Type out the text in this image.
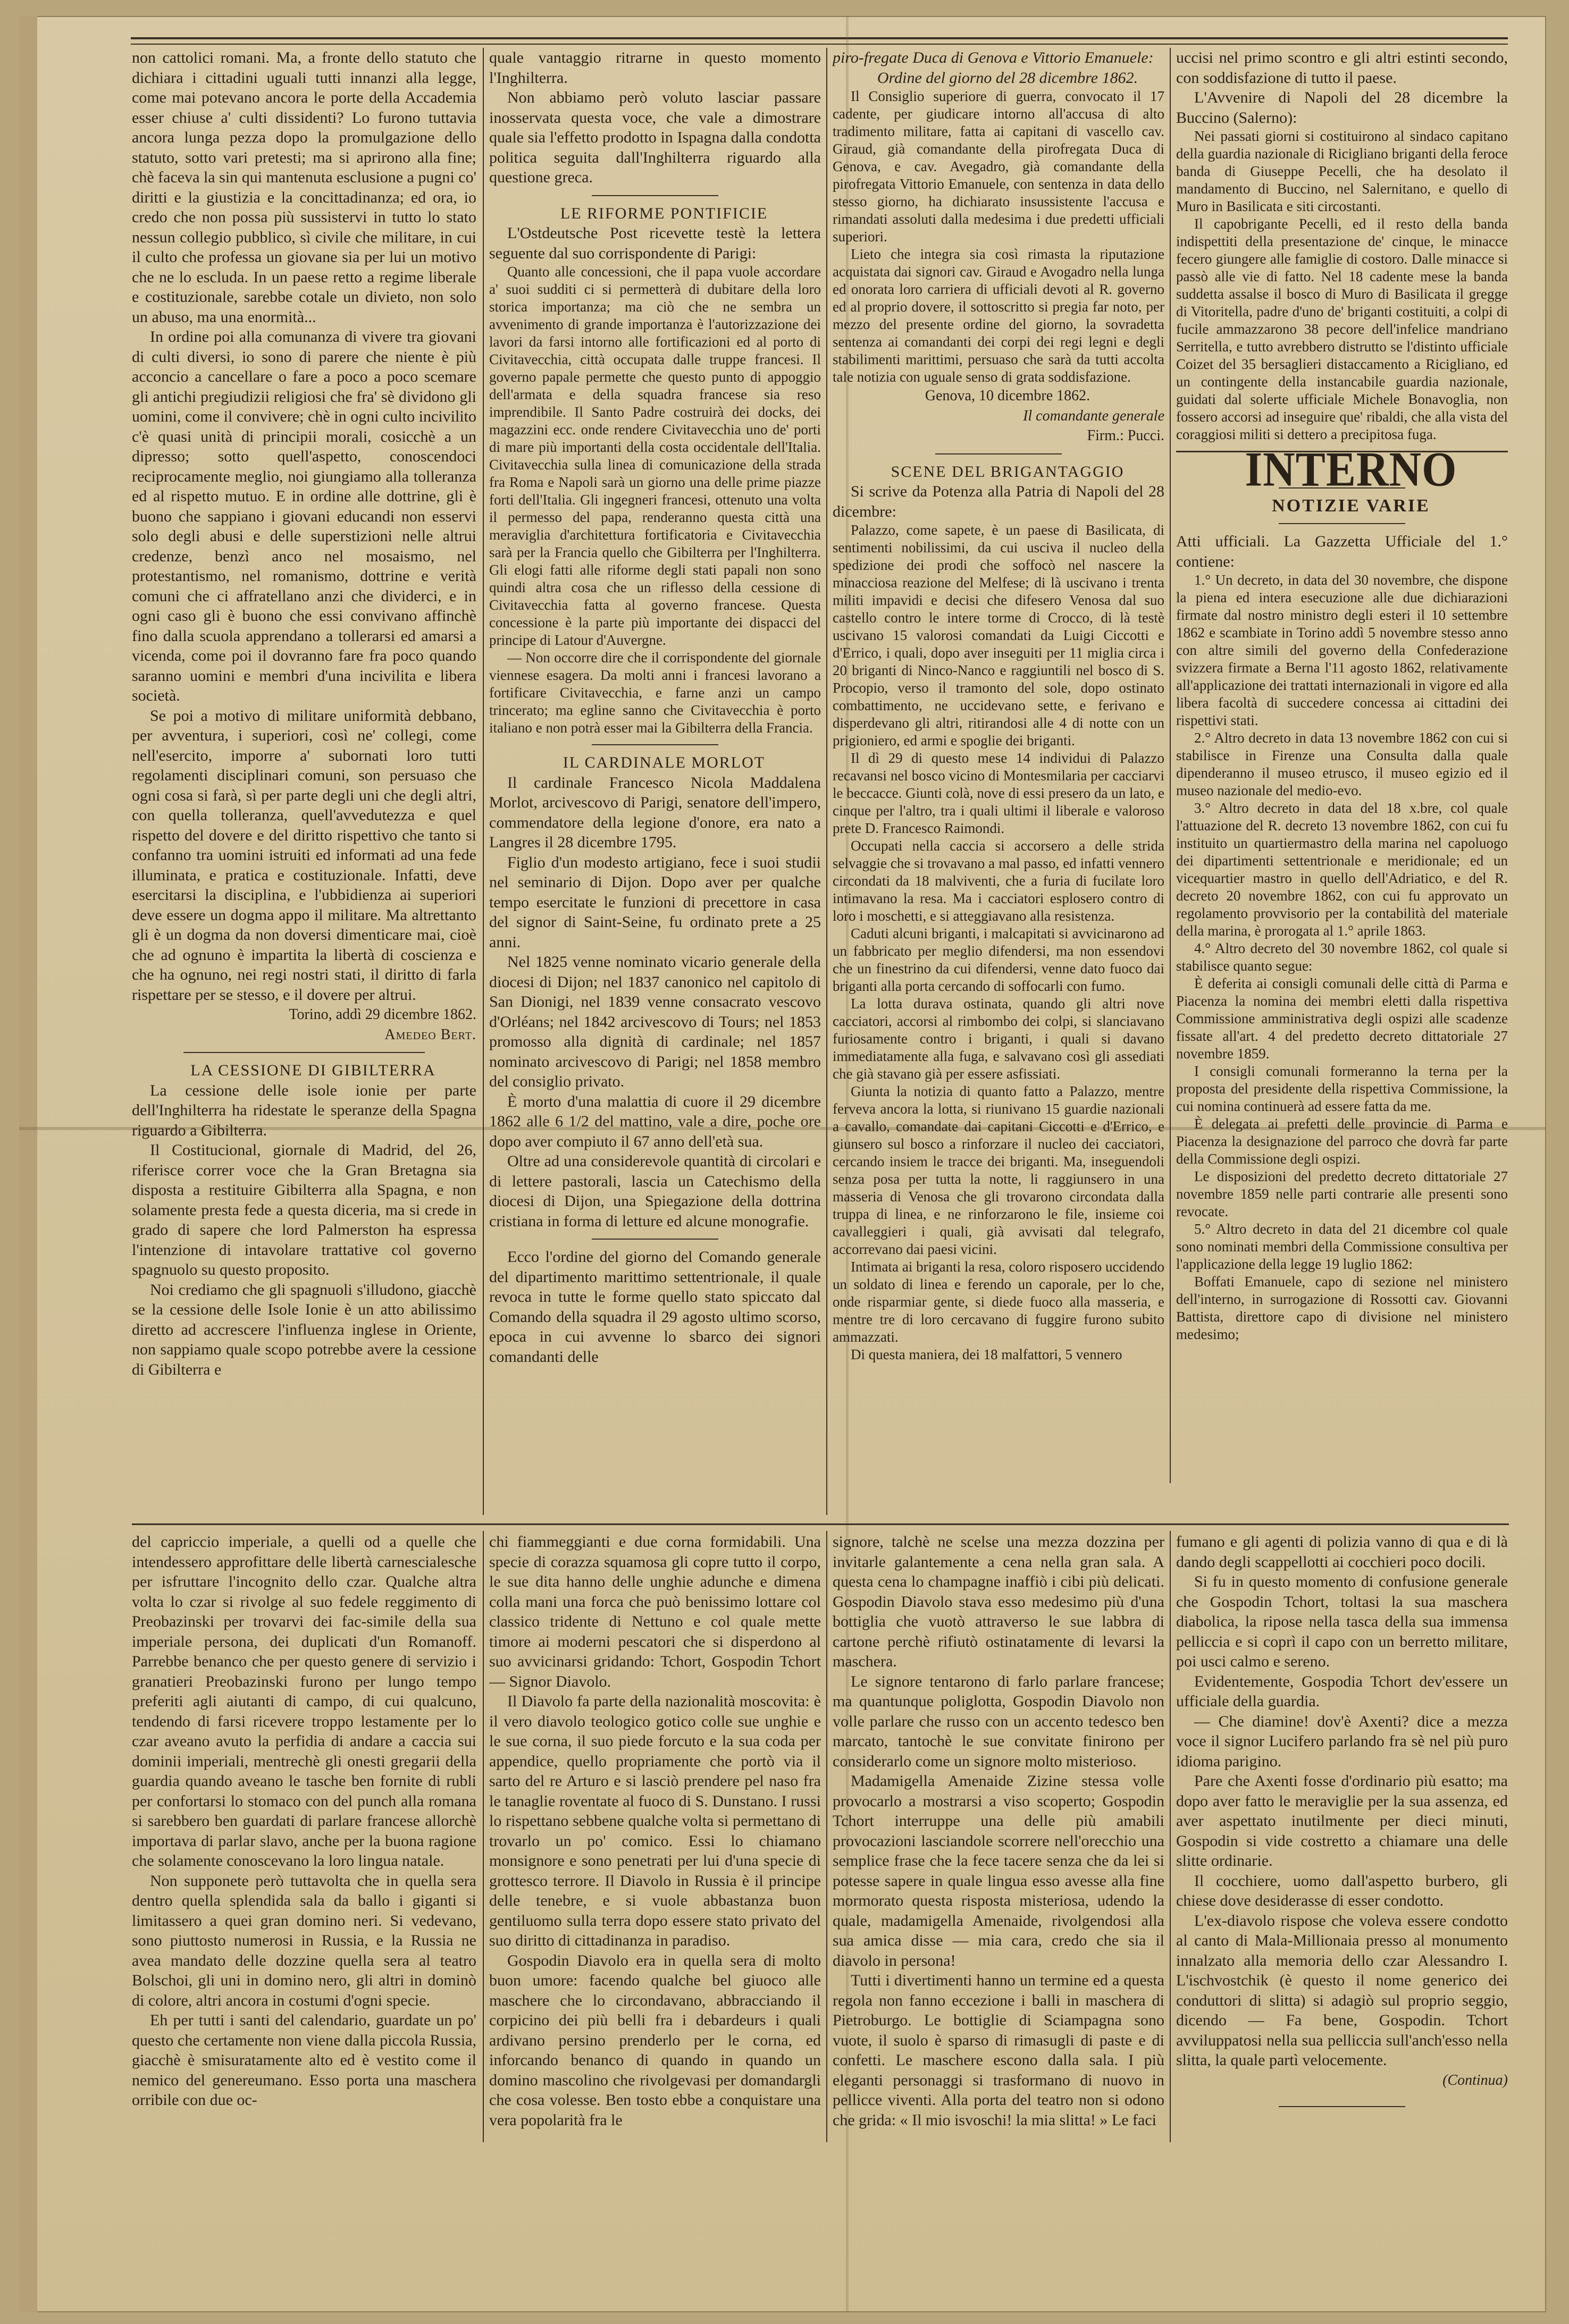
non cattolici romani. Ma, a fronte dello statuto che dichiara i cittadini uguali tutti innanzi alla legge, come mai potevano ancora le porte della Accademia esser chiuse a' culti dissidenti? Lo furono tuttavia ancora lunga pezza dopo la promulgazione dello statuto, sotto vari pretesti; ma si aprirono alla fine; chè faceva la sin qui mantenuta esclusione a pugni co' diritti e la giustizia e la concittadinanza; ed ora, io credo che non possa più sussistervi in tutto lo stato nessun collegio pubblico, sì civile che militare, in cui il culto che professa un giovane sia per lui un motivo che ne lo escluda. In un paese retto a regime liberale e costituzionale, sarebbe cotale un divieto, non solo un abuso, ma una enormità...

In ordine poi alla comunanza di vivere tra giovani di culti diversi, io sono di parere che niente è più acconcio a cancellare o fare a poco a poco scemare gli antichi pregiudizii religiosi che fra' sè dividono gli uomini, come il convivere; chè in ogni culto incivilito c'è quasi unità di principii morali, cosicchè a un dipresso; sotto quell'aspetto, conoscendoci reciprocamente meglio, noi giungiamo alla tolleranza ed al rispetto mutuo. E in ordine alle dottrine, gli è buono che sappiano i giovani educandi non esservi solo degli abusi e delle superstizioni nelle altrui credenze, benzì anco nel mosaismo, nel protestantismo, nel romanismo, dottrine e verità comuni che ci affratellano anzi che dividerci, e in ogni caso gli è buono che essi convivano affinchè fino dalla scuola apprendano a tollerarsi ed amarsi a vicenda, come poi il dovranno fare fra poco quando saranno uomini e membri d'una incivilita e libera società.

Se poi a motivo di militare uniformità debbano, per avventura, i superiori, così ne' collegi, come nell'esercito, imporre a' subornati loro tutti regolamenti disciplinari comuni, son persuaso che ogni cosa si farà, sì per parte degli uni che degli altri, con quella tolleranza, quell'avvedutezza e quel rispetto del dovere e del diritto rispettivo che tanto si confanno tra uomini istruiti ed informati ad una fede illuminata, e pratica e costituzionale. Infatti, deve esercitarsi la disciplina, e l'ubbidienza ai superiori deve essere un dogma appo il militare. Ma altrettanto gli è un dogma da non doversi dimenticare mai, cioè che ad ognuno è impartita la libertà di coscienza e che ha ognuno, nei regi nostri stati, il diritto di farla rispettare per se stesso, e il dovere per altrui.

Torino, addì 29 dicembre 1862.

Amedeo Bert.

LA CESSIONE DI GIBILTERRA

La cessione delle isole ionie per parte dell'Inghilterra ha ridestate le speranze della Spagna riguardo a Gibilterra.

Il Costitucional, giornale di Madrid, del 26, riferisce correr voce che la Gran Bretagna sia disposta a restituire Gibilterra alla Spagna, e non solamente presta fede a questa diceria, ma si crede in grado di sapere che lord Palmerston ha espressa l'intenzione di intavolare trattative col governo spagnuolo su questo proposito.

Noi crediamo che gli spagnuoli s'illudono, giacchè se la cessione delle Isole Ionie è un atto abilissimo diretto ad accrescere l'influenza inglese in Oriente, non sappiamo quale scopo potrebbe avere la cessione di Gibilterra e

quale vantaggio ritrarne in questo momento l'Inghilterra.

Non abbiamo però voluto lasciar passare inosservata questa voce, che vale a dimostrare quale sia l'effetto prodotto in Ispagna dalla condotta politica seguita dall'Inghilterra riguardo alla questione greca.

LE RIFORME PONTIFICIE

L'Ostdeutsche Post ricevette testè la lettera seguente dal suo corrispondente di Parigi:

Quanto alle concessioni, che il papa vuole accordare a' suoi sudditi ci si permetterà di dubitare della loro storica importanza; ma ciò che ne sembra un avvenimento di grande importanza è l'autorizzazione dei lavori da farsi intorno alle fortificazioni ed al porto di Civitavecchia, città occupata dalle truppe francesi. Il governo papale permette che questo punto di appoggio dell'armata e della squadra francese sia reso imprendibile. Il Santo Padre costruirà dei docks, dei magazzini ecc. onde rendere Civitavecchia uno de' porti di mare più importanti della costa occidentale dell'Italia. Civitavecchia sulla linea di comunicazione della strada fra Roma e Napoli sarà un giorno una delle prime piazze forti dell'Italia. Gli ingegneri francesi, ottenuto una volta il permesso del papa, renderanno questa città una meraviglia d'architettura fortificatoria e Civitavecchia sarà per la Francia quello che Gibilterra per l'Inghilterra. Gli elogi fatti alle riforme degli stati papali non sono quindi altra cosa che un riflesso della cessione di Civitavecchia fatta al governo francese. Questa concessione è la parte più importante dei dispacci del principe di Latour d'Auvergne.

— Non occorre dire che il corrispondente del giornale viennese esagera. Da molti anni i francesi lavorano a fortificare Civitavecchia, e farne anzi un campo trincerato; ma egline sanno che Civitavecchia è porto italiano e non potrà esser mai la Gibilterra della Francia.

IL CARDINALE MORLOT

Il cardinale Francesco Nicola Maddalena Morlot, arcivescovo di Parigi, senatore dell'impero, commendatore della legione d'onore, era nato a Langres il 28 dicembre 1795.

Figlio d'un modesto artigiano, fece i suoi studii nel seminario di Dijon. Dopo aver per qualche tempo esercitate le funzioni di precettore in casa del signor di Saint-Seine, fu ordinato prete a 25 anni.

Nel 1825 venne nominato vicario generale della diocesi di Dijon; nel 1837 canonico nel capitolo di San Dionigi, nel 1839 venne consacrato vescovo d'Orléans; nel 1842 arcivescovo di Tours; nel 1853 promosso alla dignità di cardinale; nel 1857 nominato arcivescovo di Parigi; nel 1858 membro del consiglio privato.

È morto d'una malattia di cuore il 29 dicembre 1862 alle 6 1/2 del mattino, vale a dire, poche ore dopo aver compiuto il 67 anno dell'età sua.

Oltre ad una considerevole quantità di circolari e di lettere pastorali, lascia un Catechismo della diocesi di Dijon, una Spiegazione della dottrina cristiana in forma di letture ed alcune monografie.

Ecco l'ordine del giorno del Comando generale del dipartimento marittimo settentrionale, il quale revoca in tutte le forme quello stato spiccato dal Comando della squadra il 29 agosto ultimo scorso, epoca in cui avvenne lo sbarco dei signori comandanti delle

piro-fregate Duca di Genova e Vittorio Emanuele:

Ordine del giorno del 28 dicembre 1862.

Il Consiglio superiore di guerra, convocato il 17 cadente, per giudicare intorno all'accusa di alto tradimento militare, fatta ai capitani di vascello cav. Giraud, già comandante della pirofregata Duca di Genova, e cav. Avegadro, già comandante della pirofregata Vittorio Emanuele, con sentenza in data dello stesso giorno, ha dichiarato insussistente l'accusa e rimandati assoluti dalla medesima i due predetti ufficiali superiori.

Lieto che integra sia così rimasta la riputazione acquistata dai signori cav. Giraud e Avogadro nella lunga ed onorata loro carriera di ufficiali devoti al R. governo ed al proprio dovere, il sottoscritto si pregia far noto, per mezzo del presente ordine del giorno, la sovradetta sentenza ai comandanti dei corpi dei regi legni e degli stabilimenti marittimi, persuaso che sarà da tutti accolta tale notizia con uguale senso di grata soddisfazione.

Genova, 10 dicembre 1862.

Il comandante generale

Firm.: Pucci.

SCENE DEL BRIGANTAGGIO

Si scrive da Potenza alla Patria di Napoli del 28 dicembre:

Palazzo, come sapete, è un paese di Basilicata, di sentimenti nobilissimi, da cui usciva il nucleo della spedizione dei prodi che soffocò nel nascere la minacciosa reazione del Melfese; di là uscivano i trenta militi impavidi e decisi che difesero Venosa dal suo castello contro le intere torme di Crocco, di là testè uscivano 15 valorosi comandati da Luigi Ciccotti e d'Errico, i quali, dopo aver inseguiti per 11 miglia circa i 20 briganti di Ninco-Nanco e raggiuntili nel bosco di S. Procopio, verso il tramonto del sole, dopo ostinato combattimento, ne uccidevano sette, e ferivano e disperdevano gli altri, ritirandosi alle 4 di notte con un prigioniero, ed armi e spoglie dei briganti.

Il dì 29 di questo mese 14 individui di Palazzo recavansi nel bosco vicino di Montesmilaria per cacciarvi le beccacce. Giunti colà, nove di essi presero da un lato, e cinque per l'altro, tra i quali ultimi il liberale e valoroso prete D. Francesco Raimondi.

Occupati nella caccia si accorsero a delle strida selvaggie che si trovavano a mal passo, ed infatti vennero circondati da 18 malviventi, che a furia di fucilate loro intimavano la resa. Ma i cacciatori esplosero contro di loro i moschetti, e si atteggiavano alla resistenza.

Caduti alcuni briganti, i malcapitati si avvicinarono ad un fabbricato per meglio difendersi, ma non essendovi che un finestrino da cui difendersi, venne dato fuoco dai briganti alla porta cercando di soffocarli con fumo.

La lotta durava ostinata, quando gli altri nove cacciatori, accorsi al rimbombo dei colpi, si slanciavano furiosamente contro i briganti, i quali si davano immediatamente alla fuga, e salvavano così gli assediati che già stavano già per essere asfissiati.

Giunta la notizia di quanto fatto a Palazzo, mentre ferveva ancora la lotta, si riunivano 15 guardie nazionali a cavallo, comandate dai capitani Ciccotti e d'Errico, e giunsero sul bosco a rinforzare il nucleo dei cacciatori, cercando insiem le tracce dei briganti. Ma, inseguendoli senza posa per tutta la notte, li raggiunsero in una masseria di Venosa che gli trovarono circondata dalla truppa di linea, e ne rinforzarono le file, insieme coi cavalleggieri i quali, già avvisati dal telegrafo, accorrevano dai paesi vicini.

Intimata ai briganti la resa, coloro risposero uccidendo un soldato di linea e ferendo un caporale, per lo che, onde risparmiar gente, si diede fuoco alla masseria, e mentre tre di loro cercavano di fuggire furono subito ammazzati.

Di questa maniera, dei 18 malfattori, 5 vennero

uccisi nel primo scontro e gli altri estinti secondo, con soddisfazione di tutto il paese.

L'Avvenire di Napoli del 28 dicembre la Buccino (Salerno):

Nei passati giorni si costituirono al sindaco capitano della guardia nazionale di Ricigliano briganti della feroce banda di Giuseppe Pecelli, che ha desolato il mandamento di Buccino, nel Salernitano, e quello di Muro in Basilicata e siti circostanti.

Il capobrigante Pecelli, ed il resto della banda indispettiti della presentazione de' cinque, le minacce fecero giungere alle famiglie di costoro. Dalle minacce si passò alle vie di fatto. Nel 18 cadente mese la banda suddetta assalse il bosco di Muro di Basilicata il gregge di Vitoritella, padre d'uno de' briganti costituiti, a colpi di fucile ammazzarono 38 pecore dell'infelice mandriano Serritella, e tutto avrebbero distrutto se l'distinto ufficiale Coizet del 35 bersaglieri distaccamento a Ricigliano, ed un contingente della instancabile guardia nazionale, guidati dal solerte ufficiale Michele Bonavoglia, non fossero accorsi ad inseguire que' ribaldi, che alla vista del coraggiosi militi si dettero a precipitosa fuga.

INTERNO

NOTIZIE VARIE

Atti ufficiali. La Gazzetta Ufficiale del 1.° contiene:

1.° Un decreto, in data del 30 novembre, che dispone la piena ed intera esecuzione alle due dichiarazioni firmate dal nostro ministro degli esteri il 10 settembre 1862 e scambiate in Torino addì 5 novembre stesso anno con altre simili del governo della Confederazione svizzera firmate a Berna l'11 agosto 1862, relativamente all'applicazione dei trattati internazionali in vigore ed alla libera facoltà di succedere concessa ai cittadini dei rispettivi stati.

2.° Altro decreto in data 13 novembre 1862 con cui si stabilisce in Firenze una Consulta dalla quale dipenderanno il museo etrusco, il museo egizio ed il museo nazionale del medio-evo.

3.° Altro decreto in data del 18 x.bre, col quale l'attuazione del R. decreto 13 novembre 1862, con cui fu instituito un quartiermastro della marina nel capoluogo dei dipartimenti settentrionale e meridionale; ed un vicequartier mastro in quello dell'Adriatico, e del R. decreto 20 novembre 1862, con cui fu approvato un regolamento provvisorio per la contabilità del materiale della marina, è prorogata al 1.° aprile 1863.

4.° Altro decreto del 30 novembre 1862, col quale si stabilisce quanto segue:

È deferita ai consigli comunali delle città di Parma e Piacenza la nomina dei membri eletti dalla rispettiva Commissione amministrativa degli ospizi alle scadenze fissate all'art. 4 del predetto decreto dittatoriale 27 novembre 1859.

I consigli comunali formeranno la terna per la proposta del presidente della rispettiva Commissione, la cui nomina continuerà ad essere fatta da me.

È delegata ai prefetti delle provincie di Parma e Piacenza la designazione del parroco che dovrà far parte della Commissione degli ospizi.

Le disposizioni del predetto decreto dittatoriale 27 novembre 1859 nelle parti contrarie alle presenti sono revocate.

5.° Altro decreto in data del 21 dicembre col quale sono nominati membri della Commissione consultiva per l'applicazione della legge 19 luglio 1862:

Boffati Emanuele, capo di sezione nel ministero dell'interno, in surrogazione di Rossotti cav. Giovanni Battista, direttore capo di divisione nel ministero medesimo;

del capriccio imperiale, a quelli od a quelle che intendessero approfittare delle libertà carnescialesche per isfruttare l'incognito dello czar. Qualche altra volta lo czar si rivolge al suo fedele reggimento di Preobazinski per trovarvi dei fac-simile della sua imperiale persona, dei duplicati d'un Romanoff. Parrebbe benanco che per questo genere di servizio i granatieri Preobazinski furono per lungo tempo preferiti agli aiutanti di campo, di cui qualcuno, tendendo di farsi ricevere troppo lestamente per lo czar aveano avuto la perfidia di andare a caccia sui dominii imperiali, mentrechè gli onesti gregarii della guardia quando aveano le tasche ben fornite di rubli per confortarsi lo stomaco con del punch alla romana si sarebbero ben guardati di parlare francese allorchè importava di parlar slavo, anche per la buona ragione che solamente conoscevano la loro lingua natale.

Non supponete però tuttavolta che in quella sera dentro quella splendida sala da ballo i giganti si limitassero a quei gran domino neri. Si vedevano, sono piuttosto numerosi in Russia, e la Russia ne avea mandato delle dozzine quella sera al teatro Bolschoi, gli uni in domino nero, gli altri in dominò di colore, altri ancora in costumi d'ogni specie.

Eh per tutti i santi del calendario, guardate un po' questo che certamente non viene dalla piccola Russia, giacchè è smisuratamente alto ed è vestito come il nemico del genereumano. Esso porta una maschera orribile con due oc-

chi fiammeggianti e due corna formidabili. Una specie di corazza squamosa gli copre tutto il corpo, le sue dita hanno delle unghie adunche e dimena colla mani una forca che può benissimo lottare col classico tridente di Nettuno e col quale mette timore ai moderni pescatori che si disperdono al suo avvicinarsi gridando: Tchort, Gospodin Tchort — Signor Diavolo.

Il Diavolo fa parte della nazionalità moscovita: è il vero diavolo teologico gotico colle sue unghie e le sue corna, il suo piede forcuto e la sua coda per appendice, quello propriamente che portò via il sarto del re Arturo e si lasciò prendere pel naso fra le tanaglie roventate al fuoco di S. Dunstano. I russi lo rispettano sebbene qualche volta si permettano di trovarlo un po' comico. Essi lo chiamano monsignore e sono penetrati per lui d'una specie di grottesco terrore. Il Diavolo in Russia è il principe delle tenebre, e si vuole abbastanza buon gentiluomo sulla terra dopo essere stato privato del suo diritto di cittadinanza in paradiso.

Gospodin Diavolo era in quella sera di molto buon umore: facendo qualche bel giuoco alle maschere che lo circondavano, abbracciando il corpicino dei più belli fra i debardeurs i quali ardivano persino prenderlo per le corna, ed inforcando benanco di quando in quando un domino mascolino che rivolgevasi per domandargli che cosa volesse. Ben tosto ebbe a conquistare una vera popolarità fra le

signore, talchè ne scelse una mezza dozzina per invitarle galantemente a cena nella gran sala. A questa cena lo champagne inaffiò i cibi più delicati. Gospodin Diavolo stava esso medesimo più d'una bottiglia che vuotò attraverso le sue labbra di cartone perchè rifiutò ostinatamente di levarsi la maschera.

Le signore tentarono di farlo parlare francese; ma quantunque poliglotta, Gospodin Diavolo non volle parlare che russo con un accento tedesco ben marcato, tantochè le sue convitate finirono per considerarlo come un signore molto misterioso.

Madamigella Amenaide Zizine stessa volle provocarlo a mostrarsi a viso scoperto; Gospodin Tchort interruppe una delle più amabili provocazioni lasciandole scorrere nell'orecchio una semplice frase che la fece tacere senza che da lei si potesse sapere in quale lingua esso avesse alla fine mormorato questa risposta misteriosa, udendo la quale, madamigella Amenaide, rivolgendosi alla sua amica disse — mia cara, credo che sia il diavolo in persona!

Tutti i divertimenti hanno un termine ed a questa regola non fanno eccezione i balli in maschera di Pietroburgo. Le bottiglie di Sciampagna sono vuote, il suolo è sparso di rimasugli di paste e di confetti. Le maschere escono dalla sala. I più eleganti personaggi si trasformano di nuovo in pellicce viventi. Alla porta del teatro non si odono che grida: « Il mio isvoschi! la mia slitta! » Le faci

fumano e gli agenti di polizia vanno di qua e di là dando degli scappellotti ai cocchieri poco docili.

Si fu in questo momento di confusione generale che Gospodin Tchort, toltasi la sua maschera diabolica, la ripose nella tasca della sua immensa pelliccia e si coprì il capo con un berretto militare, poi usci calmo e sereno.

Evidentemente, Gospodia Tchort dev'essere un ufficiale della guardia.

— Che diamine! dov'è Axenti? dice a mezza voce il signor Lucifero parlando fra sè nel più puro idioma parigino.

Pare che Axenti fosse d'ordinario più esatto; ma dopo aver fatto le meraviglie per la sua assenza, ed aver aspettato inutilmente per dieci minuti, Gospodin si vide costretto a chiamare una delle slitte ordinarie.

Il cocchiere, uomo dall'aspetto burbero, gli chiese dove desiderasse di esser condotto.

L'ex-diavolo rispose che voleva essere condotto al canto di Mala-Millionaia presso al monumento innalzato alla memoria dello czar Alessandro I. L'ischvostchik (è questo il nome generico dei conduttori di slitta) si adagiò sul proprio seggio, dicendo — Fa bene, Gospodin. Tchort avviluppatosi nella sua pelliccia sull'anch'esso nella slitta, la quale partì velocemente.

(Continua)
